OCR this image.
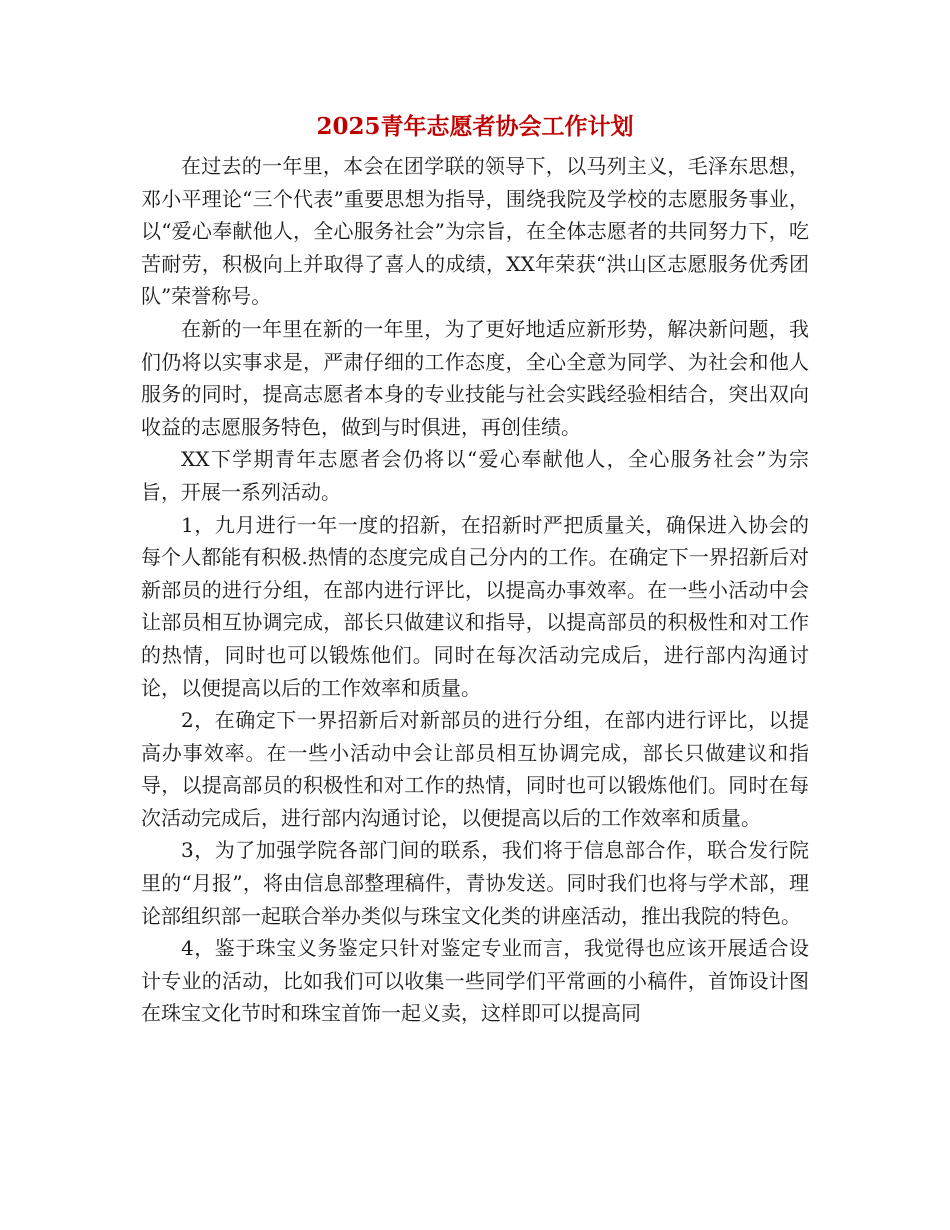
2025青年志愿者协会工作计划

在过去的一年里，本会在团学联的领导下，以马列主义，毛泽东思想，邓小平理论“三个代表”重要思想为指导，围绕我院及学校的志愿服务事业，以“爱心奉献他人，全心服务社会”为宗旨，在全体志愿者的共同努力下，吃苦耐劳，积极向上并取得了喜人的成绩，XX年荣获“洪山区志愿服务优秀团队”荣誉称号。

在新的一年里在新的一年里，为了更好地适应新形势，解决新问题，我们仍将以实事求是，严肃仔细的工作态度，全心全意为同学、为社会和他人服务的同时，提高志愿者本身的专业技能与社会实践经验相结合，突出双向收益的志愿服务特色，做到与时俱进，再创佳绩。

XX下学期青年志愿者会仍将以“爱心奉献他人，全心服务社会”为宗旨，开展一系列活动。

1，九月进行一年一度的招新，在招新时严把质量关，确保进入协会的每个人都能有积极.热情的态度完成自己分内的工作。在确定下一界招新后对新部员的进行分组，在部内进行评比，以提高办事效率。在一些小活动中会让部员相互协调完成，部长只做建议和指导，以提高部员的积极性和对工作的热情，同时也可以锻炼他们。同时在每次活动完成后，进行部内沟通讨论，以便提高以后的工作效率和质量。

2，在确定下一界招新后对新部员的进行分组，在部内进行评比，以提高办事效率。在一些小活动中会让部员相互协调完成，部长只做建议和指导，以提高部员的积极性和对工作的热情，同时也可以锻炼他们。同时在每次活动完成后，进行部内沟通讨论，以便提高以后的工作效率和质量。

3，为了加强学院各部门间的联系，我们将于信息部合作，联合发行院里的“月报”，将由信息部整理稿件，青协发送。同时我们也将与学术部，理论部组织部一起联合举办类似与珠宝文化类的讲座活动，推出我院的特色。

4，鉴于珠宝义务鉴定只针对鉴定专业而言，我觉得也应该开展适合设计专业的活动，比如我们可以收集一些同学们平常画的小稿件，首饰设计图在珠宝文化节时和珠宝首饰一起义卖，这样即可以提高同
